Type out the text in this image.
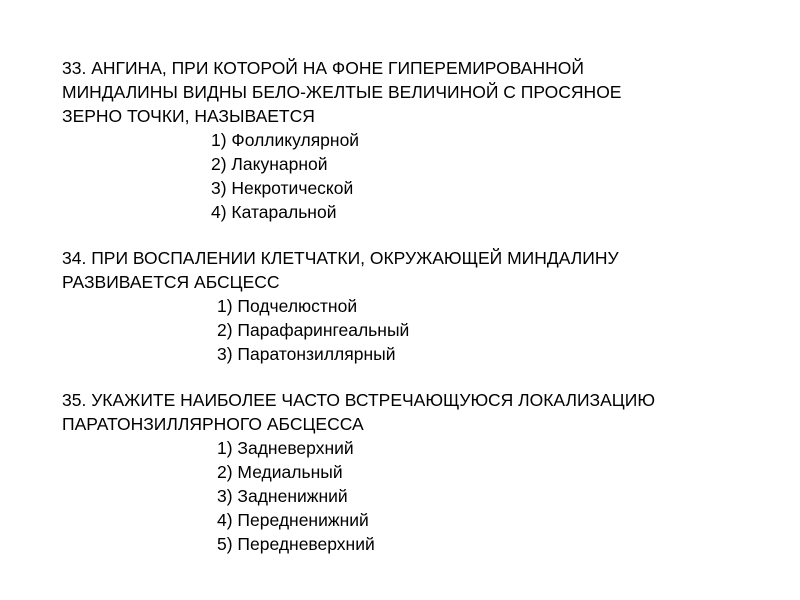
33. АНГИНА, ПРИ КОТОРОЙ НА ФОНЕ ГИПЕРЕМИРОВАННОЙ
МИНДАЛИНЫ ВИДНЫ БЕЛО-ЖЕЛТЫЕ ВЕЛИЧИНОЙ С ПРОСЯНОЕ
ЗЕРНО ТОЧКИ, НАЗЫВАЕТСЯ
1) Фолликулярной
2) Лакунарной
3) Некротической
4) Катаральной
34. ПРИ ВОСПАЛЕНИИ КЛЕТЧАТКИ, ОКРУЖАЮЩЕЙ МИНДАЛИНУ
РАЗВИВАЕТСЯ АБСЦЕСС
1) Подчелюстной
2) Парафарингеальный
3) Паратонзиллярный
35. УКАЖИТЕ НАИБОЛЕЕ ЧАСТО ВСТРЕЧАЮЩУЮСЯ ЛОКАЛИЗАЦИЮ
ПАРАТОНЗИЛЛЯРНОГО АБСЦЕССА
1) Задневерхний
2) Медиальный
3) Задненижний
4) Передненижний
5) Передневерхний
